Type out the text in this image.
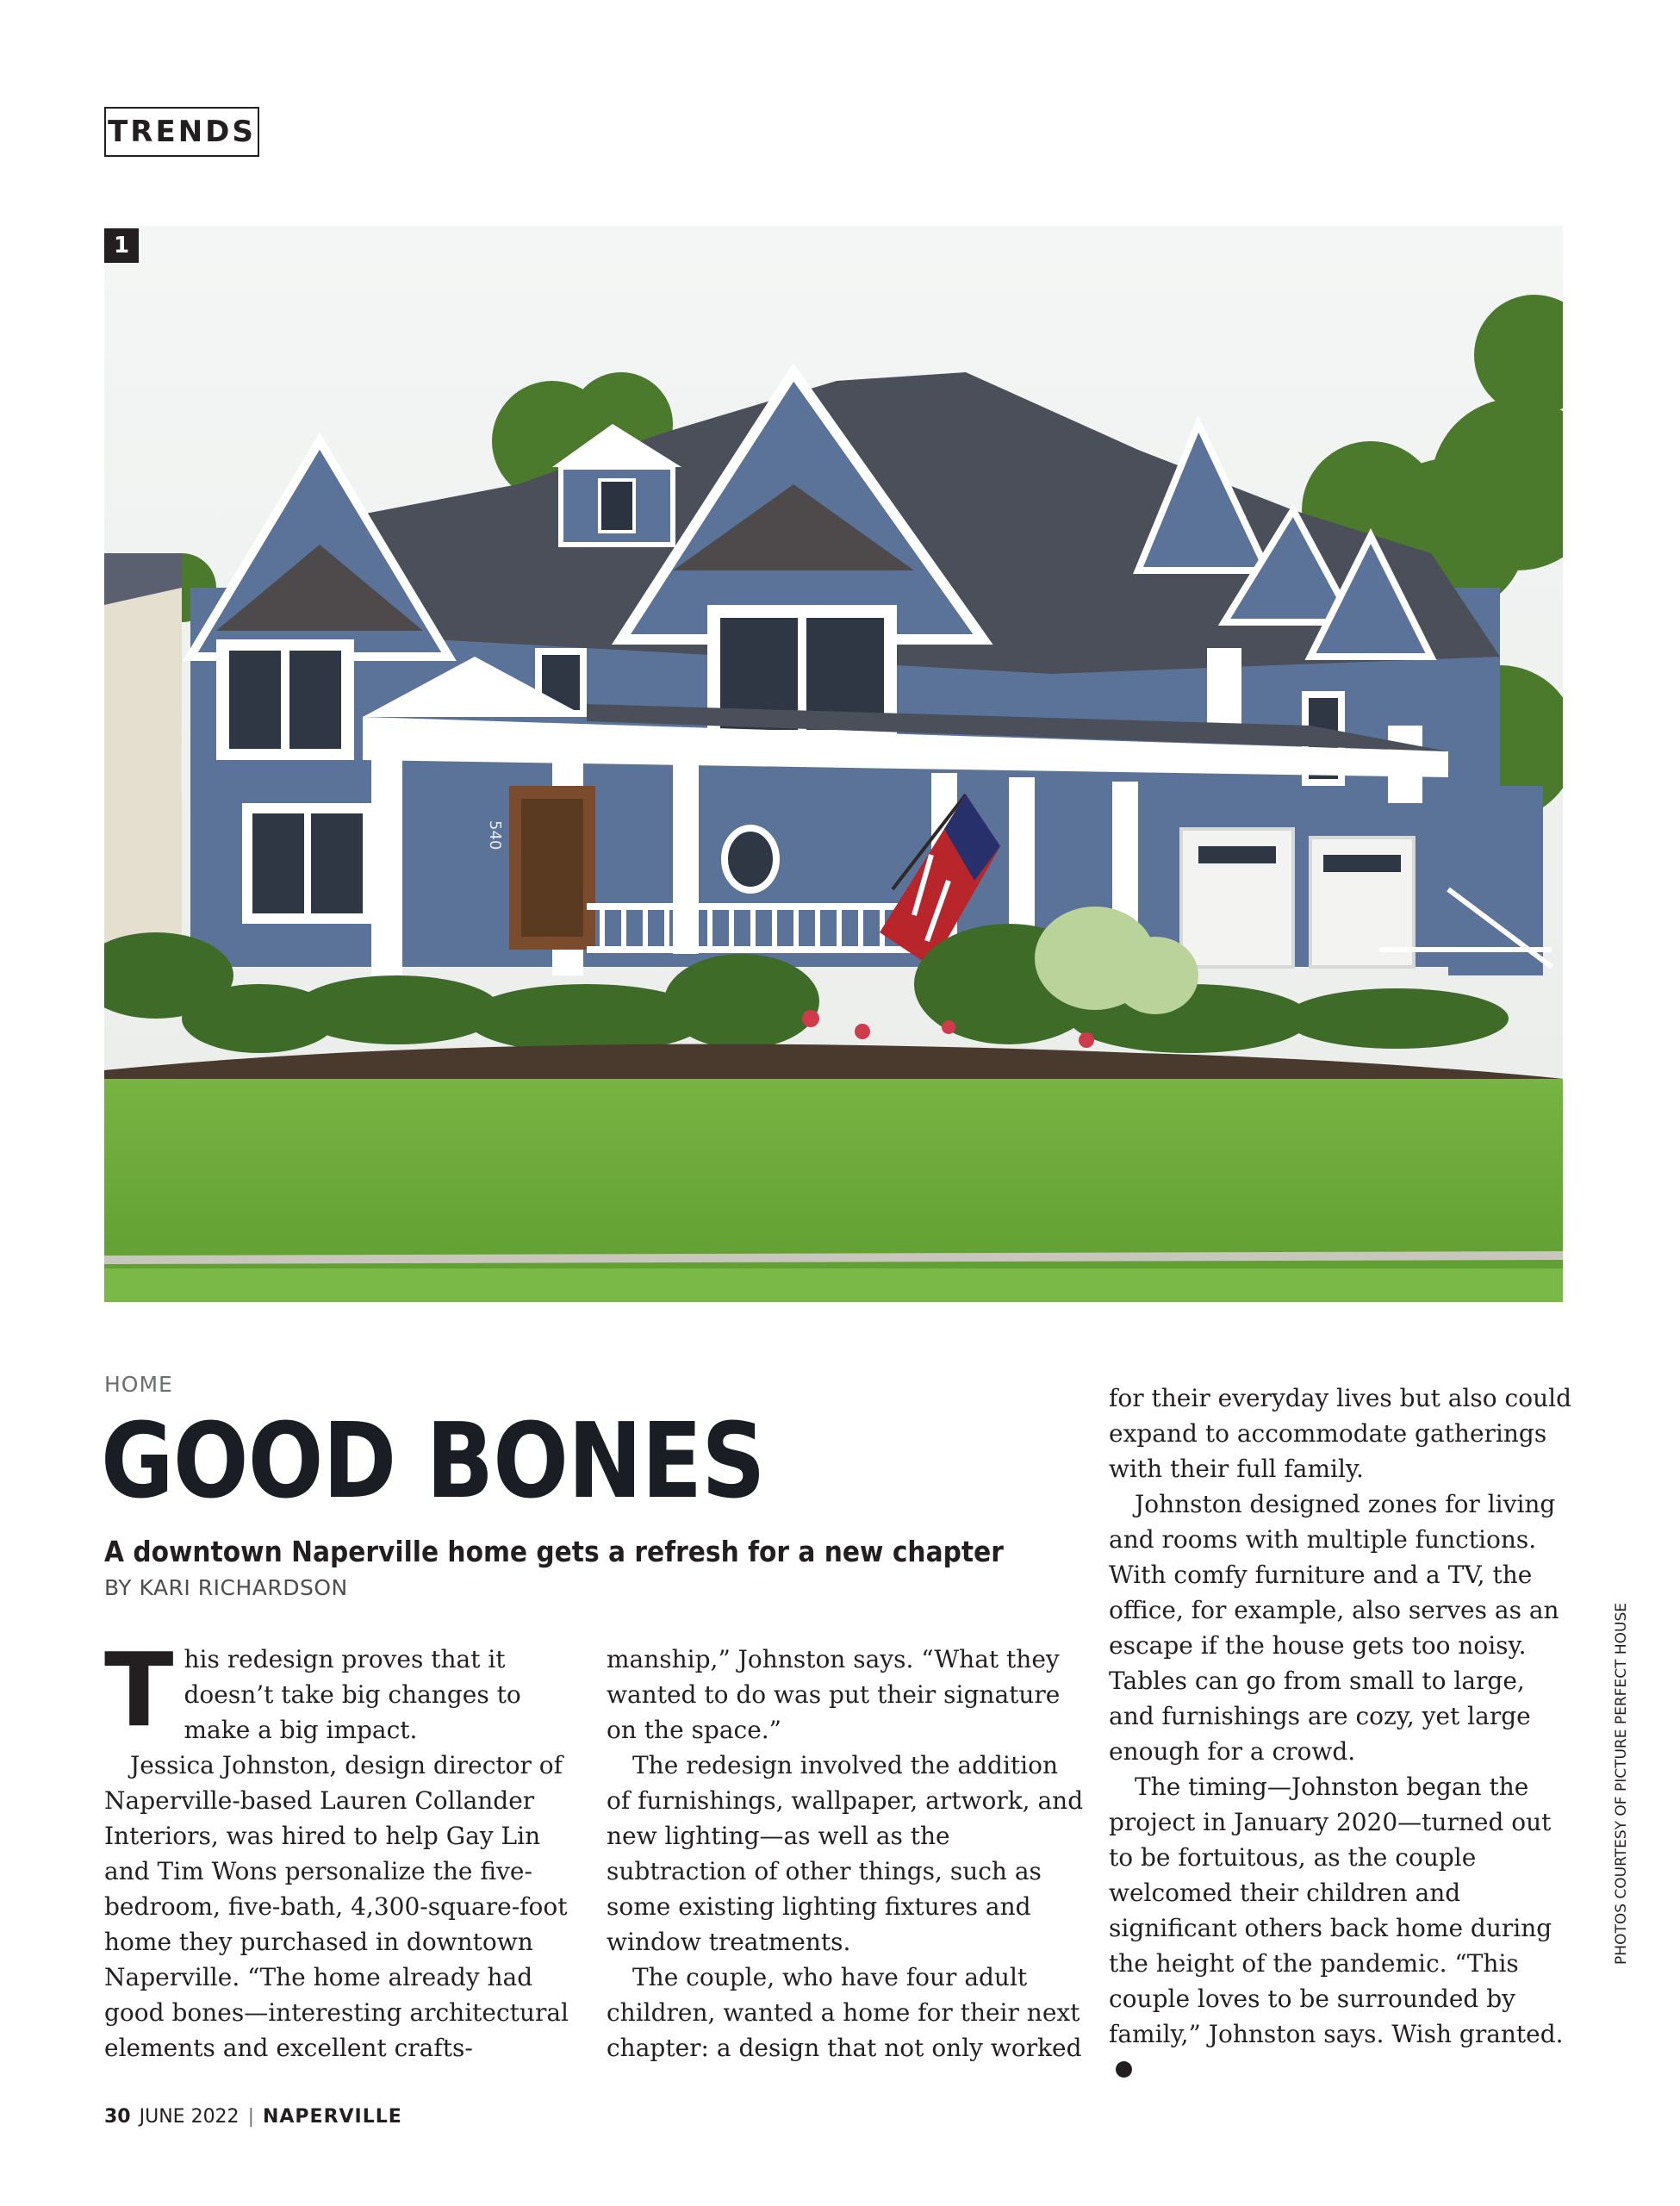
TRENDS
540
1
HOME
GOOD BONES
A downtown Naperville home gets a refresh for a new chapter
BY KARI RICHARDSON

This redesign proves that it doesn’t take big changes to make a big impact.

Jessica Johnston, design director of Naperville-based Lauren Collander Interiors, was hired to help Gay Lin and Tim Wons personalize the five-bedroom, five-bath, 4,300-square-foot home they purchased in downtown Naperville. “The home already had good bones—interesting architectural elements and excellent crafts-

manship,” Johnston says. “What they wanted to do was put their signature on the space.”

The redesign involved the addition of furnishings, wallpaper, artwork, and new lighting—as well as the subtraction of other things, such as some existing lighting fixtures and window treatments.

The couple, who have four adult children, wanted a home for their next chapter: a design that not only worked

for their everyday lives but also could expand to accommodate gatherings with their full family.

Johnston designed zones for living and rooms with multiple functions. With comfy furniture and a TV, the office, for example, also serves as an escape if the house gets too noisy. Tables can go from small to large, and furnishings are cozy, yet large enough for a crowd.

The timing—Johnston began the project in January 2020—turned out to be fortuitous, as the couple welcomed their children and significant others back home during the height of the pandemic. “This couple loves to be surrounded by family,” Johnston says. Wish granted.

PHOTOS COURTESY OF PICTURE PERFECT HOUSE
30 JUNE 2022 | NAPERVILLE
